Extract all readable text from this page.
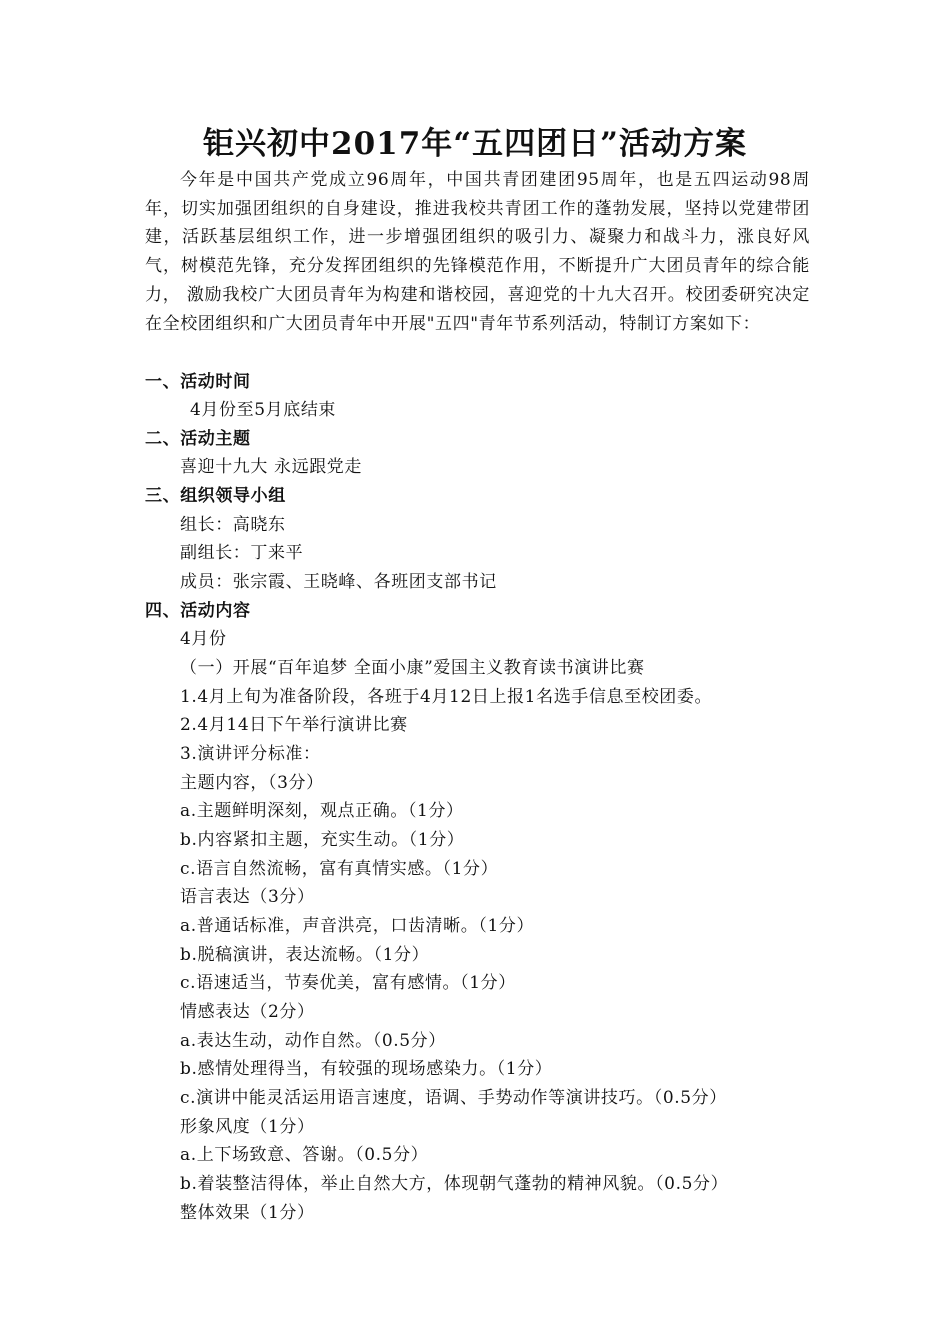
钜兴初中2017年“五四团日”活动方案
今年是中国共产党成立96周年，中国共青团建团95周年，也是五四运动98周年，切实加强团组织的自身建设，推进我校共青团工作的蓬勃发展，坚持以党建带团建，活跃基层组织工作，进一步增强团组织的吸引力、凝聚力和战斗力，涨良好风气，树模范先锋，充分发挥团组织的先锋模范作用，不断提升广大团员青年的综合能力， 激励我校广大团员青年为构建和谐校园，喜迎党的十九大召开。校团委研究决定在全校团组织和广大团员青年中开展"五四"青年节系列活动，特制订方案如下：
一、活动时间
4月份至5月底结束
二、活动主题
喜迎十九大 永远跟党走
三、组织领导小组
组长：高晓东
副组长：丁来平
成员：张宗霞、王晓峰、各班团支部书记
四、活动内容
4月份
（一）开展“百年追梦 全面小康”爱国主义教育读书演讲比赛
1.4月上旬为准备阶段，各班于4月12日上报1名选手信息至校团委。
2.4月14日下午举行演讲比赛
3.演讲评分标准：
主题内容，（3分）
a.主题鲜明深刻，观点正确。（1分）
b.内容紧扣主题，充实生动。（1分）
c.语言自然流畅，富有真情实感。（1分）
语言表达（3分）
a.普通话标准，声音洪亮，口齿清晰。（1分）
b.脱稿演讲，表达流畅。（1分）
c.语速适当，节奏优美，富有感情。（1分）
情感表达（2分）
a.表达生动，动作自然。（0.5分）
b.感情处理得当，有较强的现场感染力。（1分）
c.演讲中能灵活运用语言速度，语调、手势动作等演讲技巧。（0.5分）
形象风度（1分）
a.上下场致意、答谢。（0.5分）
b.着装整洁得体，举止自然大方，体现朝气蓬勃的精神风貌。（0.5分）
整体效果（1分）
